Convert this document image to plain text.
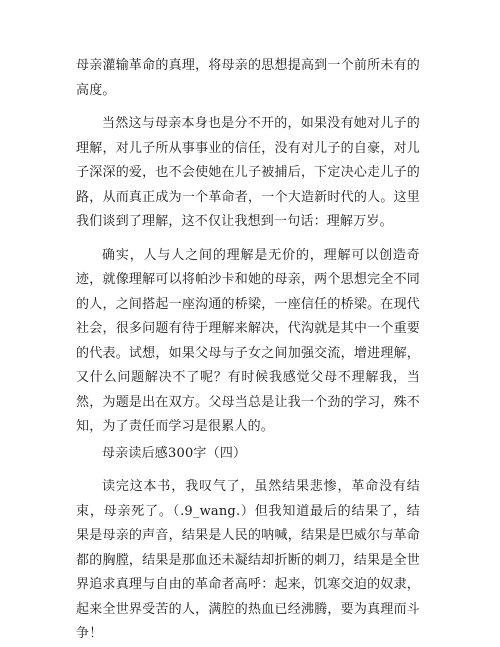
母亲灌输革命的真理，将母亲的思想提高到一个前所未有的高度。

当然这与母亲本身也是分不开的，如果没有她对儿子的理解，对儿子所从事事业的信任，没有对儿子的自豪，对儿子深深的爱，也不会使她在儿子被捕后，下定决心走儿子的路，从而真正成为一个革命者，一个大造新时代的人。这里我们谈到了理解，这不仅让我想到一句话：理解万岁。

确实，人与人之间的理解是无价的，理解可以创造奇迹，就像理解可以将帕沙卡和她的母亲，两个思想完全不同的人，之间搭起一座沟通的桥梁，一座信任的桥梁。在现代社会，很多问题有待于理解来解决，代沟就是其中一个重要的代表。试想，如果父母与子女之间加强交流，增进理解，又什么问题解决不了呢？有时候我感觉父母不理解我，当然，为题是出在双方。父母当总是让我一个劲的学习，殊不知，为了责任而学习是很累人的。

母亲读后感300字（四）

读完这本书，我叹气了，虽然结果悲惨，革命没有结束，母亲死了。（.9_wang.）但我知道最后的结果了，结果是母亲的声音，结果是人民的呐喊，结果是巴威尔与革命都的胸膛，结果是那血还未凝结却折断的刺刀，结果是全世界追求真理与自由的革命者高呼：起来，饥寒交迫的奴隶，起来全世界受苦的人，满腔的热血已经沸腾，要为真理而斗争！
